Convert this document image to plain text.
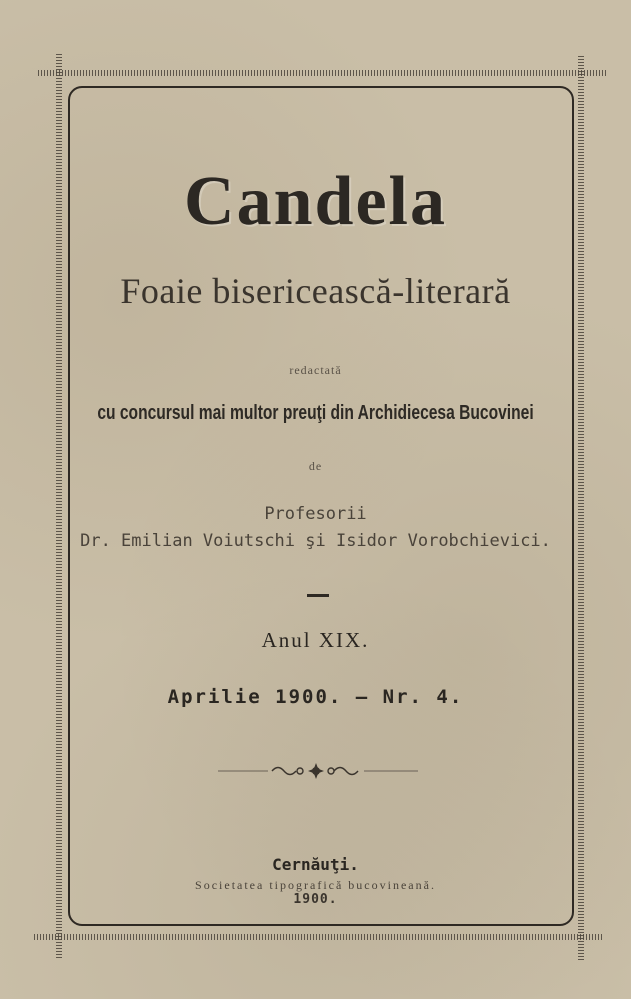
Candela
Foaie bisericească-literară
redactată
cu concursul mai multor preuţi din Archidiecesa Bucovinei
de
Profesorii
Dr. Emilian Voiutschi şi Isidor Vorobchievici.
Anul XIX.
Aprilie 1900. – Nr. 4.
Cernăuţi.
Societatea tipografică bucovineană.
1900.
